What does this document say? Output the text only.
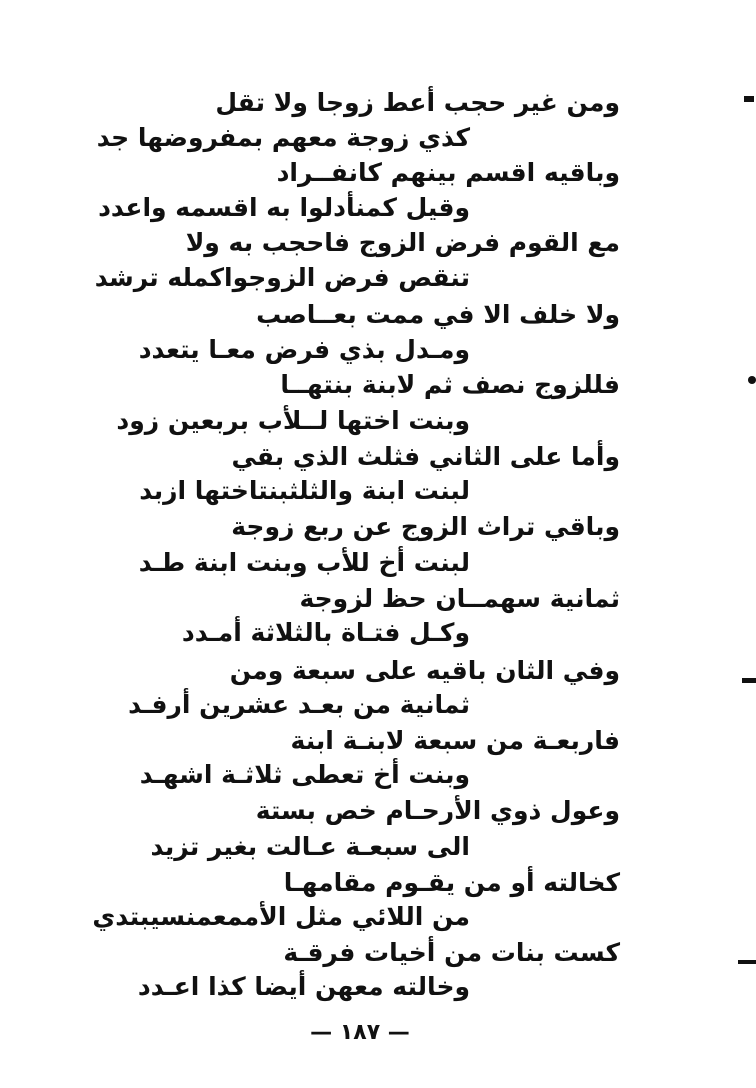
ومن غير حجب أعط زوجا ولا تقل
كذي زوجة معهم بمفروضها جد
وباقيه اقسم بينهم كانفــراد
وقيل كمنأدلوا به اقسمه واعدد
مع القوم فرض الزوج فاحجب به ولا
تنقص فرض الزوجواكمله ترشد
ولا خلف الا في ممت بعــاصب
ومـدل بذي فرض معـا يتعدد
فللزوج نصف ثم لابنة بنتهــا
وبنت اختها لــلأب بربعين زود
وأما على الثاني فثلث الذي بقي
لبنت ابنة والثلثبنتاختها ازبد
وباقي تراث الزوج عن ربع زوجة
لبنت أخ للأب وبنت ابنة طـد
ثمانية سهمــان حظ لزوجة
وكـل فتـاة بالثلاثة أمـدد
وفي الثان باقيه على سبعة ومن
ثمانية من بعـد عشرين أرفـد
فاربعـة من سبعة لابنـة ابنة
وبنت أخ تعطى ثلاثـة اشهـد
وعول ذوي الأرحـام خص بستة
الى سبعـة عـالت بغير تزيد
كخالته أو من يقـوم مقامهـا
من اللائي مثل الأممعمنسيبتدي
كست بنات من أخيات فرقـة
وخالته معهن أيضا كذا اعـدد
— ١٨٧ —
